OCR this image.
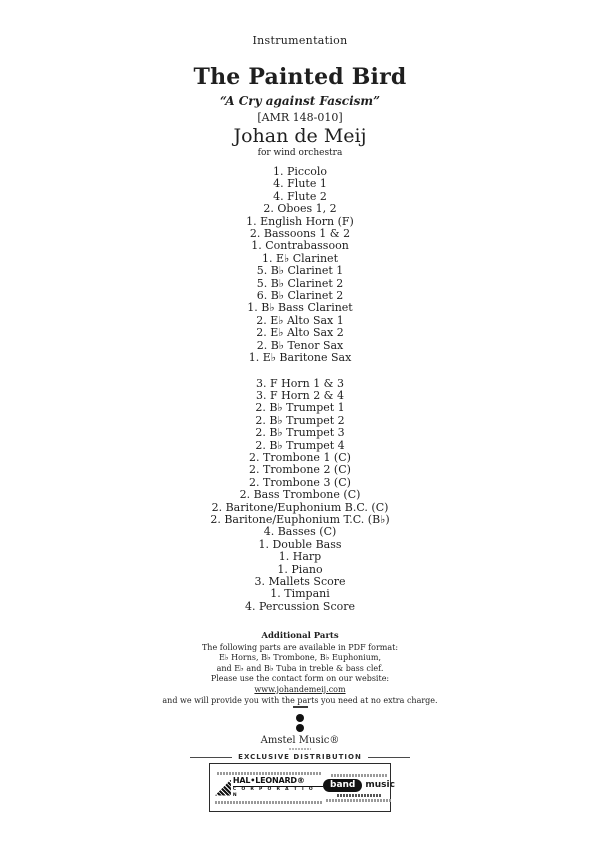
Instrumentation
The Painted Bird
“A Cry against Fascism”
[AMR 148-010]
Johan de Meij
for wind orchestra
1. Piccolo
4. Flute 1
4. Flute 2
2. Oboes 1, 2
1. English Horn (F)
2. Bassoons 1 & 2
1. Contrabassoon
1. E♭ Clarinet
5. B♭ Clarinet 1
5. B♭ Clarinet 2
6. B♭ Clarinet 2
1. B♭ Bass Clarinet
2. E♭ Alto Sax 1
2. E♭ Alto Sax 2
2. B♭ Tenor Sax
1. E♭ Baritone Sax
3. F Horn 1 & 3
3. F Horn 2 & 4
2. B♭ Trumpet 1
2. B♭ Trumpet 2
2. B♭ Trumpet 3
2. B♭ Trumpet 4
2. Trombone 1 (C)
2. Trombone 2 (C)
2. Trombone 3 (C)
2. Bass Trombone (C)
2. Baritone/Euphonium B.C. (C)
2. Baritone/Euphonium T.C. (B♭)
4. Basses (C)
1. Double Bass
1. Harp
1. Piano
3. Mallets Score
1. Timpani
4. Percussion Score
Additional Parts
The following parts are available in PDF format:
E♭ Horns, B♭ Trombone, B♭ Euphonium,
and E♭ and B♭ Tuba in treble & bass clef.
Please use the contact form on our website:
www.johandemeij.com
and we will provide you with the parts you need at no extra charge.
Amstel Music®
EXCLUSIVE DISTRIBUTION
HAL•LEONARD®
C O R P O R A T I O N
band	music
